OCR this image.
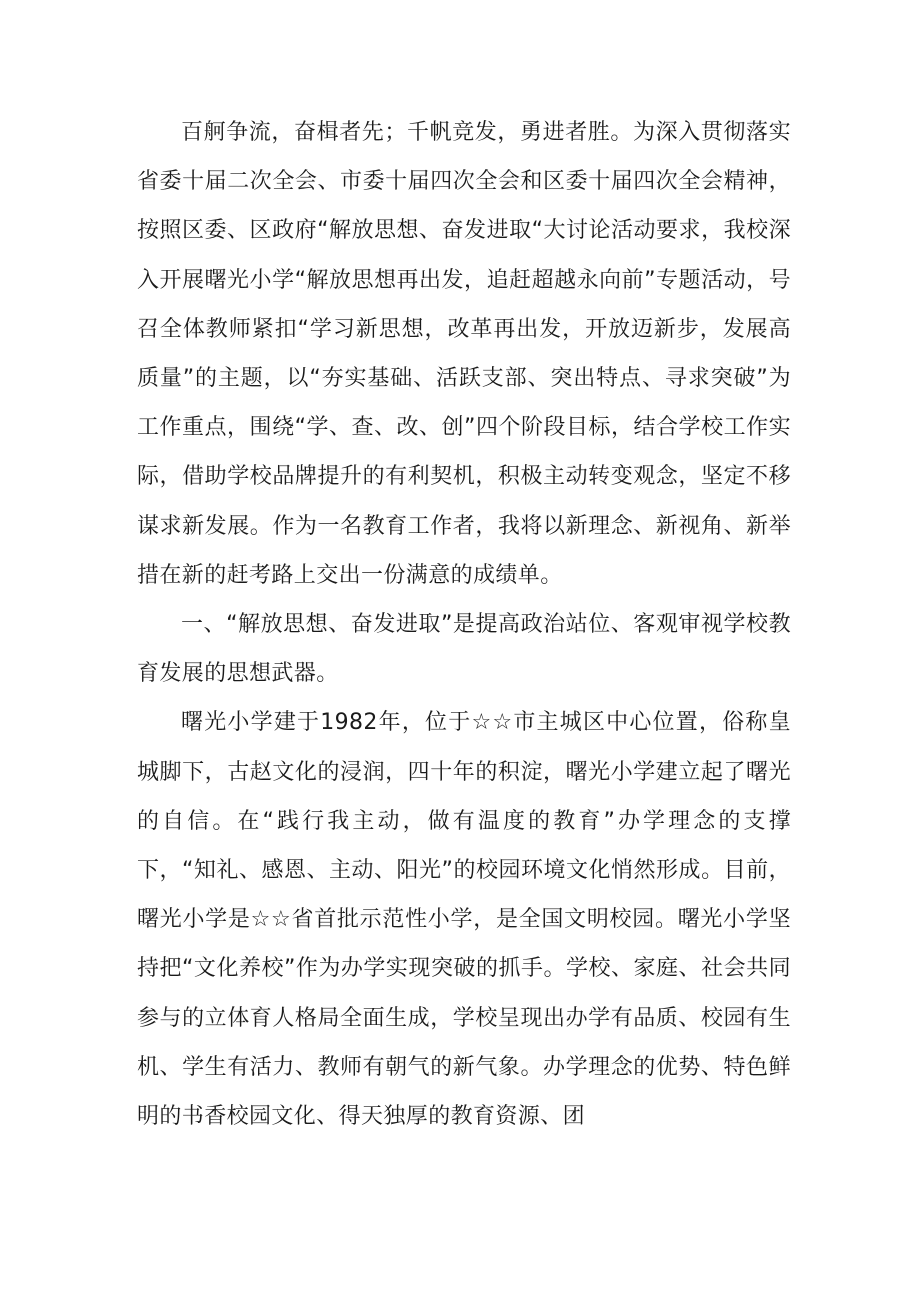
百舸争流，奋楫者先；千帆竞发，勇进者胜。为深入贯彻落实省委十届二次全会、市委十届四次全会和区委十届四次全会精神，按照区委、区政府“解放思想、奋发进取“大讨论活动要求，我校深入开展曙光小学“解放思想再出发，追赶超越永向前”专题活动，号召全体教师紧扣“学习新思想，改革再出发，开放迈新步，发展高质量”的主题，以“夯实基础、活跃支部、突出特点、寻求突破”为工作重点，围绕“学、查、改、创”四个阶段目标，结合学校工作实际，借助学校品牌提升的有利契机，积极主动转变观念，坚定不移谋求新发展。作为一名教育工作者，我将以新理念、新视角、新举措在新的赶考路上交出一份满意的成绩单。

一、“解放思想、奋发进取”是提高政治站位、客观审视学校教育发展的思想武器。

曙光小学建于1982年，位于☆☆市主城区中心位置，俗称皇城脚下，古赵文化的浸润，四十年的积淀，曙光小学建立起了曙光的自信。在“践行我主动，做有温度的教育”办学理念的支撑下，“知礼、感恩、主动、阳光”的校园环境文化悄然形成。目前，曙光小学是☆☆省首批示范性小学，是全国文明校园。曙光小学坚持把“文化养校”作为办学实现突破的抓手。学校、家庭、社会共同参与的立体育人格局全面生成，学校呈现出办学有品质、校园有生机、学生有活力、教师有朝气的新气象。办学理念的优势、特色鲜明的书香校园文化、得天独厚的教育资源、团
